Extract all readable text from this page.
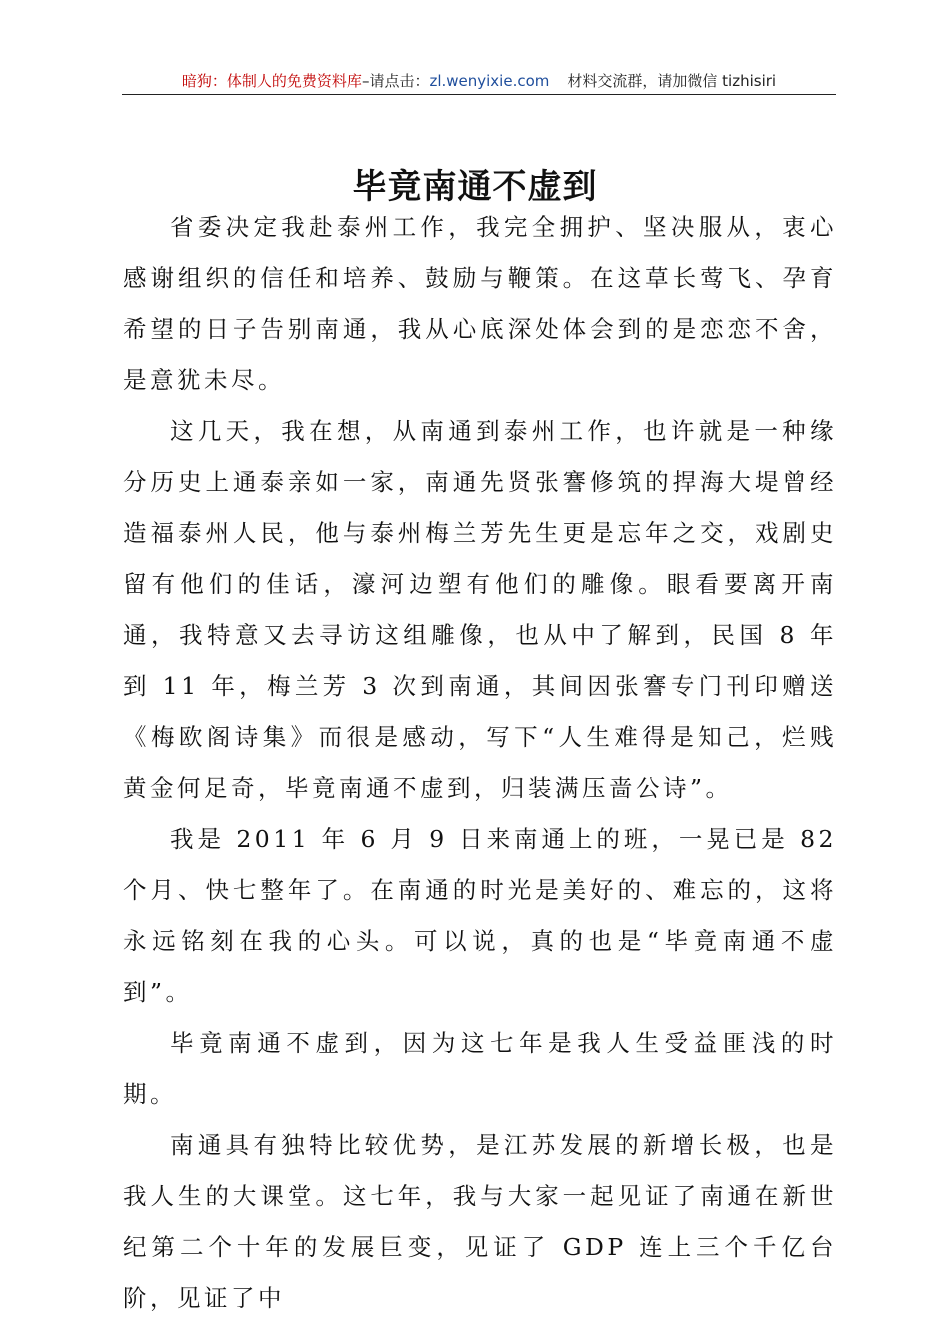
暗狗：体制人的免费资料库–请点击：zl.wenyixie.com 材料交流群，请加微信 tizhisiri
毕竟南通不虚到

省委决定我赴泰州工作，我完全拥护、坚决服从，衷心感谢组织的信任和培养、鼓励与鞭策。在这草长莺飞、孕育希望的日子告别南通，我从心底深处体会到的是恋恋不舍，是意犹未尽。

这几天，我在想，从南通到泰州工作，也许就是一种缘分历史上通泰亲如一家，南通先贤张謇修筑的捍海大堤曾经造福泰州人民，他与泰州梅兰芳先生更是忘年之交，戏剧史留有他们的佳话，濠河边塑有他们的雕像。眼看要离开南通，我特意又去寻访这组雕像，也从中了解到，民国 8 年到 11 年，梅兰芳 3 次到南通，其间因张謇专门刊印赠送《梅欧阁诗集》而很是感动，写下“人生难得是知己，烂贱黄金何足奇，毕竟南通不虚到，归装满压啬公诗”。

我是 2011 年 6 月 9 日来南通上的班，一晃已是 82 个月、快七整年了。在南通的时光是美好的、难忘的，这将永远铭刻在我的心头。可以说，真的也是“毕竟南通不虚到”。

毕竟南通不虚到，因为这七年是我人生受益匪浅的时期。

南通具有独特比较优势，是江苏发展的新增长极，也是我人生的大课堂。这七年，我与大家一起见证了南通在新世纪第二个十年的发展巨变，见证了 GDP 连上三个千亿台阶，见证了中
